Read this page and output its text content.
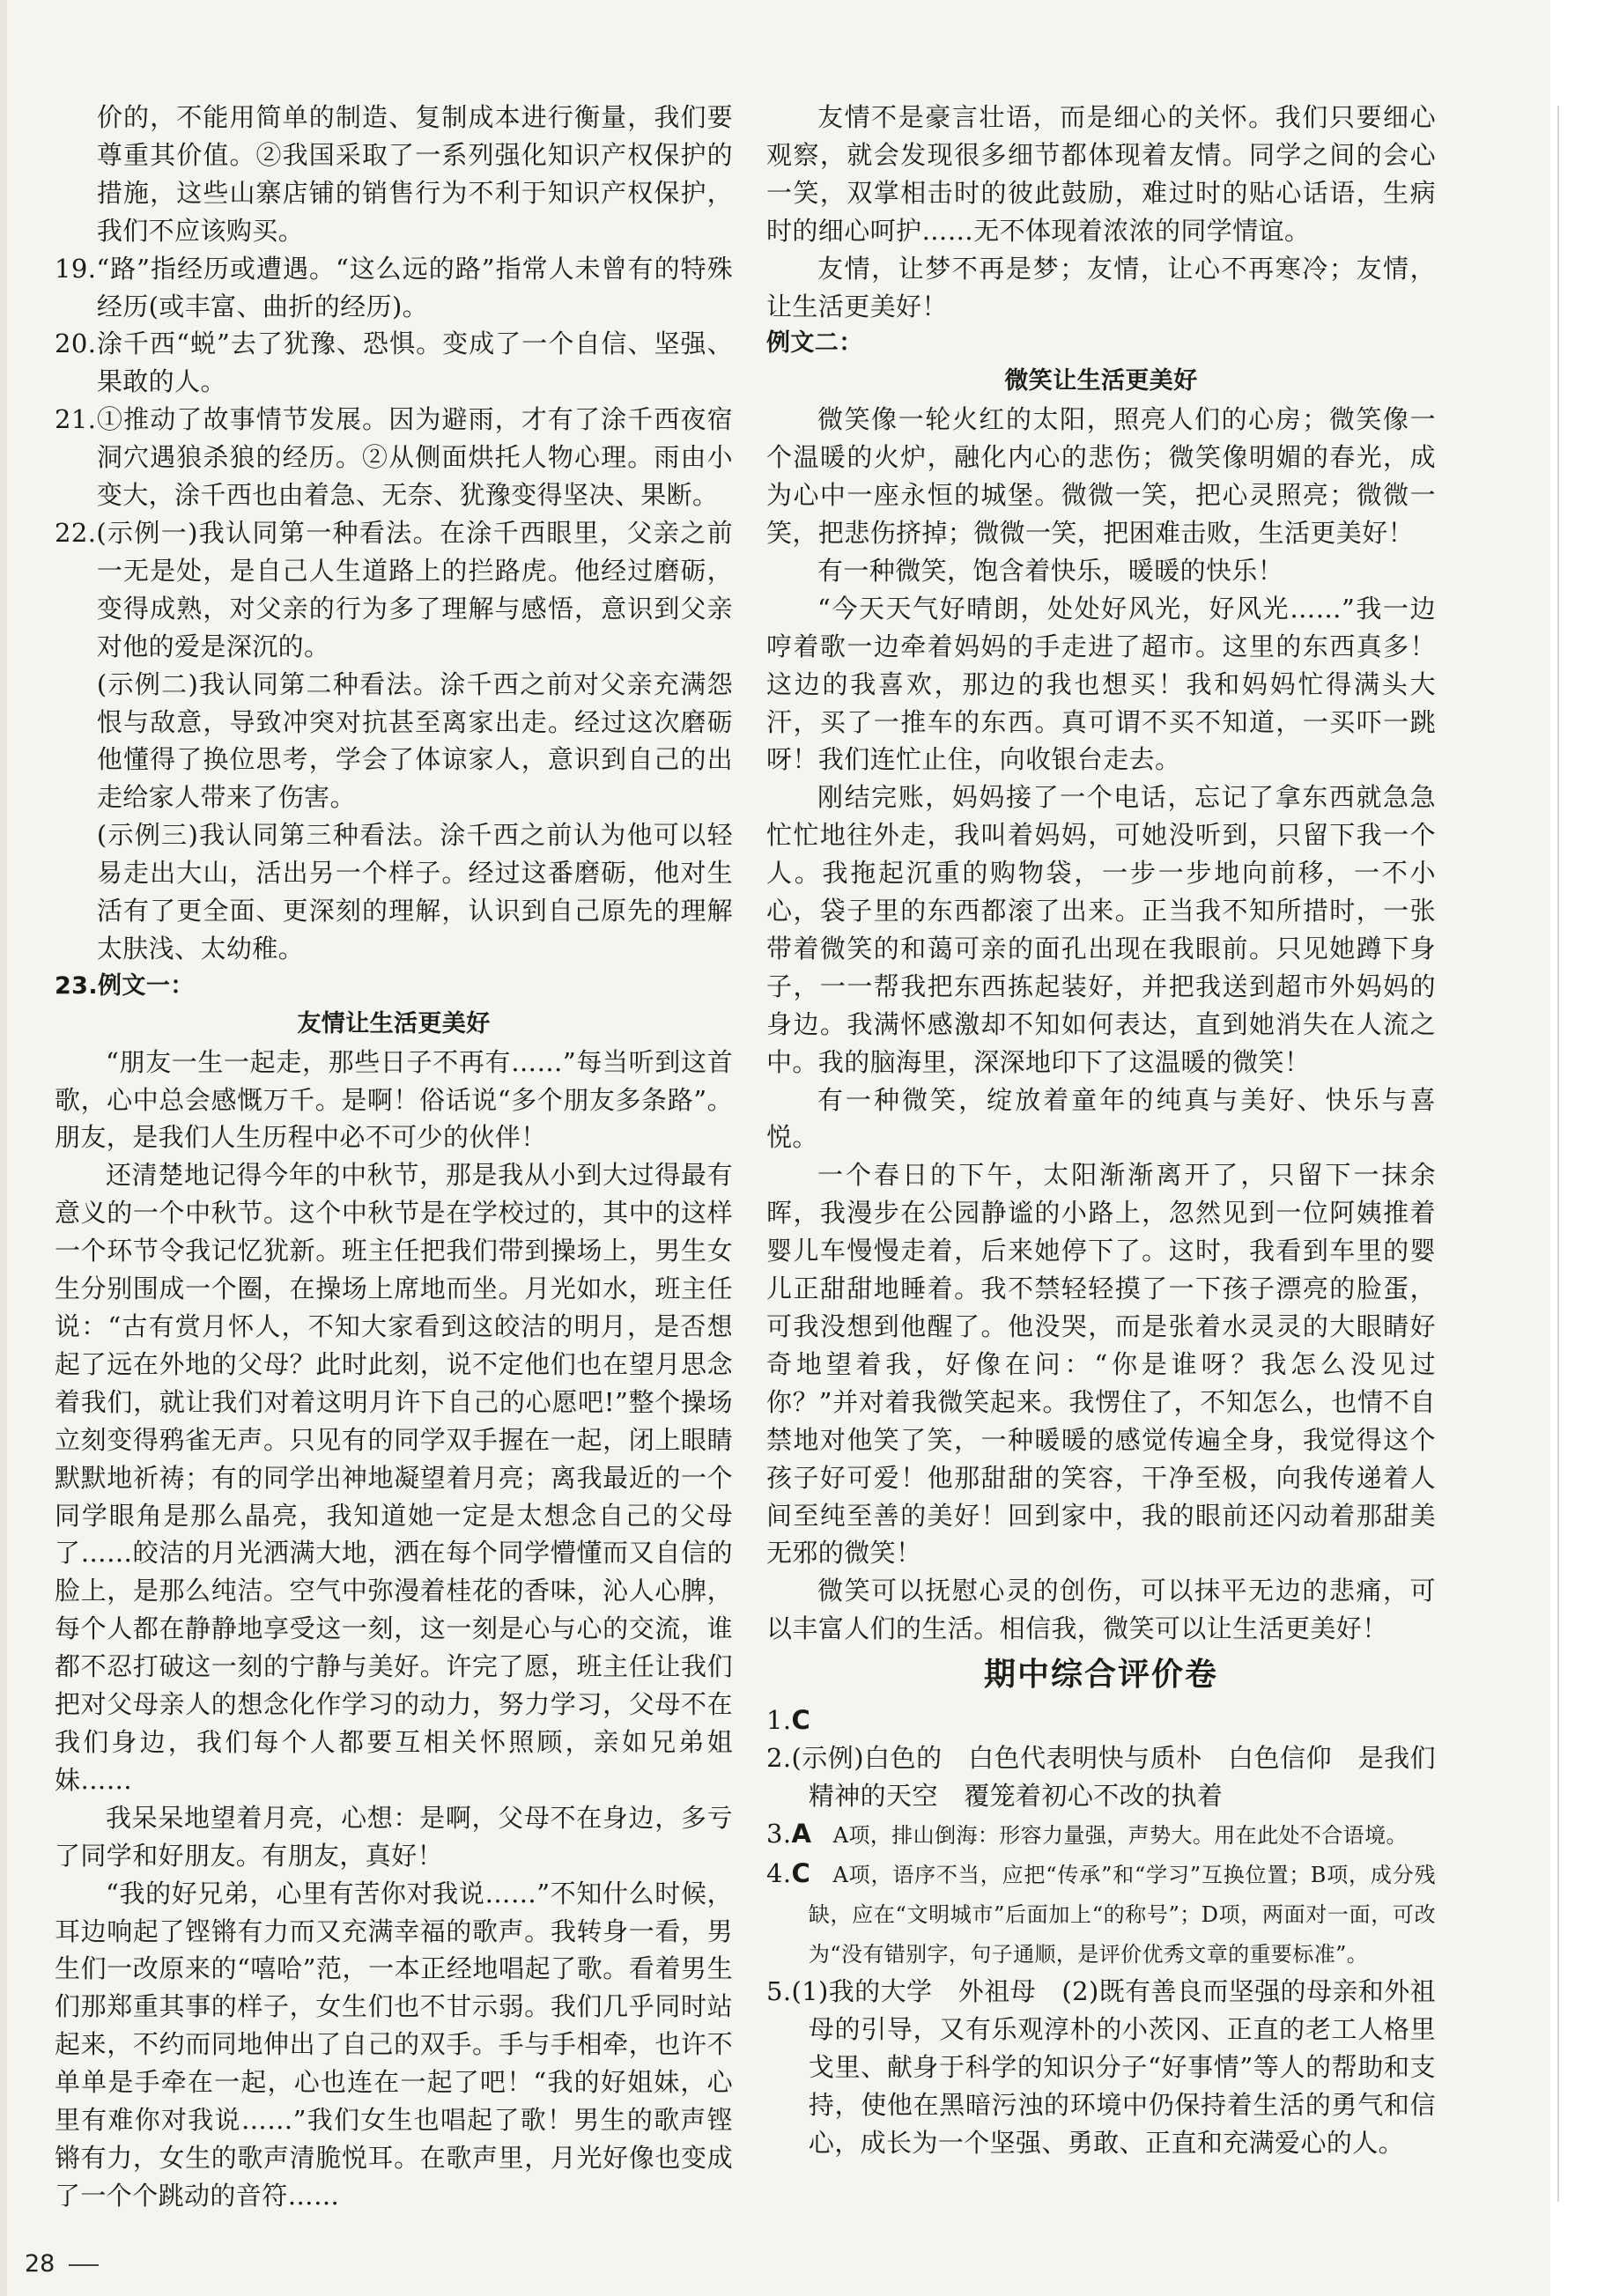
价的，不能用简单的制造、复制成本进行衡量，我们要尊重其价值。②我国采取了一系列强化知识产权保护的措施，这些山寨店铺的销售行为不利于知识产权保护，我们不应该购买。

19.“路”指经历或遭遇。“这么远的路”指常人未曾有的特殊经历(或丰富、曲折的经历)。

20.涂千西“蜕”去了犹豫、恐惧。变成了一个自信、坚强、果敢的人。

21.①推动了故事情节发展。因为避雨，才有了涂千西夜宿洞穴遇狼杀狼的经历。②从侧面烘托人物心理。雨由小变大，涂千西也由着急、无奈、犹豫变得坚决、果断。

22.(示例一)我认同第一种看法。在涂千西眼里，父亲之前一无是处，是自己人生道路上的拦路虎。他经过磨砺，变得成熟，对父亲的行为多了理解与感悟，意识到父亲对他的爱是深沉的。

(示例二)我认同第二种看法。涂千西之前对父亲充满怨恨与敌意，导致冲突对抗甚至离家出走。经过这次磨砺他懂得了换位思考，学会了体谅家人，意识到自己的出走给家人带来了伤害。

(示例三)我认同第三种看法。涂千西之前认为他可以轻易走出大山，活出另一个样子。经过这番磨砺，他对生活有了更全面、更深刻的理解，认识到自己原先的理解太肤浅、太幼稚。

23.例文一：

友情让生活更美好

“朋友一生一起走，那些日子不再有……”每当听到这首歌，心中总会感慨万千。是啊！俗话说“多个朋友多条路”。朋友，是我们人生历程中必不可少的伙伴！

还清楚地记得今年的中秋节，那是我从小到大过得最有意义的一个中秋节。这个中秋节是在学校过的，其中的这样一个环节令我记忆犹新。班主任把我们带到操场上，男生女生分别围成一个圈，在操场上席地而坐。月光如水，班主任说：“古有赏月怀人，不知大家看到这皎洁的明月，是否想起了远在外地的父母？此时此刻，说不定他们也在望月思念着我们，就让我们对着这明月许下自己的心愿吧!”整个操场立刻变得鸦雀无声。只见有的同学双手握在一起，闭上眼睛默默地祈祷；有的同学出神地凝望着月亮；离我最近的一个同学眼角是那么晶亮，我知道她一定是太想念自己的父母了……皎洁的月光洒满大地，洒在每个同学懵懂而又自信的脸上，是那么纯洁。空气中弥漫着桂花的香味，沁人心脾，每个人都在静静地享受这一刻，这一刻是心与心的交流，谁都不忍打破这一刻的宁静与美好。许完了愿，班主任让我们把对父母亲人的想念化作学习的动力，努力学习，父母不在我们身边，我们每个人都要互相关怀照顾，亲如兄弟姐妹……

我呆呆地望着月亮，心想：是啊，父母不在身边，多亏了同学和好朋友。有朋友，真好！

“我的好兄弟，心里有苦你对我说……”不知什么时候，耳边响起了铿锵有力而又充满幸福的歌声。我转身一看，男生们一改原来的“嘻哈”范，一本正经地唱起了歌。看着男生们那郑重其事的样子，女生们也不甘示弱。我们几乎同时站起来，不约而同地伸出了自己的双手。手与手相牵，也许不单单是手牵在一起，心也连在一起了吧！“我的好姐妹，心里有难你对我说……”我们女生也唱起了歌！男生的歌声铿锵有力，女生的歌声清脆悦耳。在歌声里，月光好像也变成了一个个跳动的音符……

友情不是豪言壮语，而是细心的关怀。我们只要细心观察，就会发现很多细节都体现着友情。同学之间的会心一笑，双掌相击时的彼此鼓励，难过时的贴心话语，生病时的细心呵护……无不体现着浓浓的同学情谊。

友情，让梦不再是梦；友情，让心不再寒冷；友情，让生活更美好！

例文二：

微笑让生活更美好

微笑像一轮火红的太阳，照亮人们的心房；微笑像一个温暖的火炉，融化内心的悲伤；微笑像明媚的春光，成为心中一座永恒的城堡。微微一笑，把心灵照亮；微微一笑，把悲伤挤掉；微微一笑，把困难击败，生活更美好！

有一种微笑，饱含着快乐，暖暖的快乐！

“今天天气好晴朗，处处好风光，好风光……”我一边哼着歌一边牵着妈妈的手走进了超市。这里的东西真多！这边的我喜欢，那边的我也想买！我和妈妈忙得满头大汗，买了一推车的东西。真可谓不买不知道，一买吓一跳呀！我们连忙止住，向收银台走去。

刚结完账，妈妈接了一个电话，忘记了拿东西就急急忙忙地往外走，我叫着妈妈，可她没听到，只留下我一个人。我拖起沉重的购物袋，一步一步地向前移，一不小心，袋子里的东西都滚了出来。正当我不知所措时，一张带着微笑的和蔼可亲的面孔出现在我眼前。只见她蹲下身子，一一帮我把东西拣起装好，并把我送到超市外妈妈的身边。我满怀感激却不知如何表达，直到她消失在人流之中。我的脑海里，深深地印下了这温暖的微笑！

有一种微笑，绽放着童年的纯真与美好、快乐与喜悦。

一个春日的下午，太阳渐渐离开了，只留下一抹余晖，我漫步在公园静谧的小路上，忽然见到一位阿姨推着婴儿车慢慢走着，后来她停下了。这时，我看到车里的婴儿正甜甜地睡着。我不禁轻轻摸了一下孩子漂亮的脸蛋，可我没想到他醒了。他没哭，而是张着水灵灵的大眼睛好奇地望着我，好像在问：“你是谁呀？我怎么没见过你？”并对着我微笑起来。我愣住了，不知怎么，也情不自禁地对他笑了笑，一种暖暖的感觉传遍全身，我觉得这个孩子好可爱！他那甜甜的笑容，干净至极，向我传递着人间至纯至善的美好！回到家中，我的眼前还闪动着那甜美无邪的微笑！

微笑可以抚慰心灵的创伤，可以抹平无边的悲痛，可以丰富人们的生活。相信我，微笑可以让生活更美好！

期中综合评价卷

1.C

2.(示例)白色的　白色代表明快与质朴　白色信仰　是我们精神的天空　覆笼着初心不改的执着

3.A　 A项，排山倒海：形容力量强，声势大。用在此处不合语境。

4.C　 A项，语序不当，应把“传承”和“学习”互换位置；B项，成分残缺，应在“文明城市”后面加上“的称号”；D项，两面对一面，可改为“没有错别字，句子通顺，是评价优秀文章的重要标准”。

5.(1)我的大学　外祖母　(2)既有善良而坚强的母亲和外祖母的引导，又有乐观淳朴的小茨冈、正直的老工人格里戈里、献身于科学的知识分子“好事情”等人的帮助和支持，使他在黑暗污浊的环境中仍保持着生活的勇气和信心，成长为一个坚强、勇敢、正直和充满爱心的人。

28
